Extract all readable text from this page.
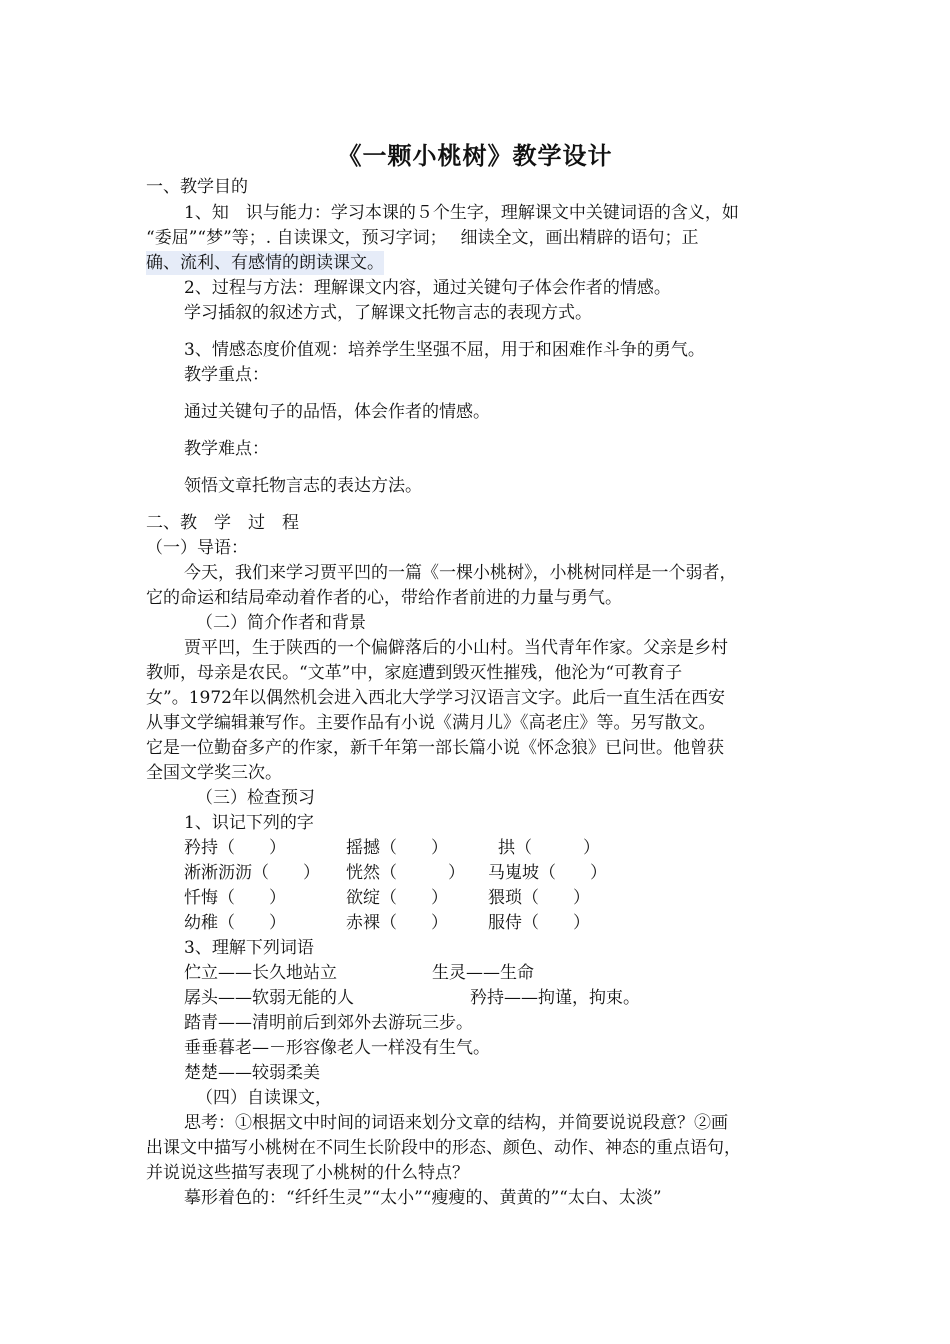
《一颗小桃树》教学设计
一、教学目的
1、知　识与能力：学习本课的５个生字，理解课文中关键词语的含义，如
“委屈”“梦”等；. 自读课文，预习字词；　 细读全文，画出精辟的语句；正
确、流利、有感情的朗读课文。
2、过程与方法：理解课文内容，通过关键句子体会作者的情感。
学习插叙的叙述方式，了解课文托物言志的表现方式。
3、情感态度价值观：培养学生坚强不屈，用于和困难作斗争的勇气。
教学重点：
通过关键句子的品悟，体会作者的情感。
教学难点：
领悟文章托物言志的表达方法。
二、教　学　过　程
（一）导语：
今天，我们来学习贾平凹的一篇《一棵小桃树》，小桃树同样是一个弱者，
它的命运和结局牵动着作者的心，带给作者前进的力量与勇气。
（二）简介作者和背景
贾平凹，生于陕西的一个偏僻落后的小山村。当代青年作家。父亲是乡村
教师，母亲是农民。“文革”中，家庭遭到毁灭性摧残，他沦为“可教育子
女”。1972年以偶然机会进入西北大学学习汉语言文字。此后一直生活在西安
从事文学编辑兼写作。主要作品有小说《满月儿》《高老庄》等。另写散文。
它是一位勤奋多产的作家，新千年第一部长篇小说《怀念狼》已问世。他曾获
全国文学奖三次。
（三）检查预习
1、识记下列的字
矜持（　　）	摇撼（　　）	拱（　　　）
淅淅沥沥（　　） 恍然（　　　） 马嵬坡（　　）
忏悔（　　）	欲绽（　　） 猥琐（　　）
幼稚（　　）	赤裸（　　） 服侍（　　）
3、理解下列词语
伫立——长久地站立	生灵——生命
孱头——软弱无能的人	矜持——拘谨，拘束。
踏青——清明前后到郊外去游玩三步。
垂垂暮老—－形容像老人一样没有生气。
楚楚——较弱柔美
（四）自读课文，
思考：①根据文中时间的词语来划分文章的结构，并简要说说段意？②画
出课文中描写小桃树在不同生长阶段中的形态、颜色、动作、神态的重点语句，
并说说这些描写表现了小桃树的什么特点？
摹形着色的：“纤纤生灵”“太小”“瘦瘦的、黄黄的”“太白、太淡”
